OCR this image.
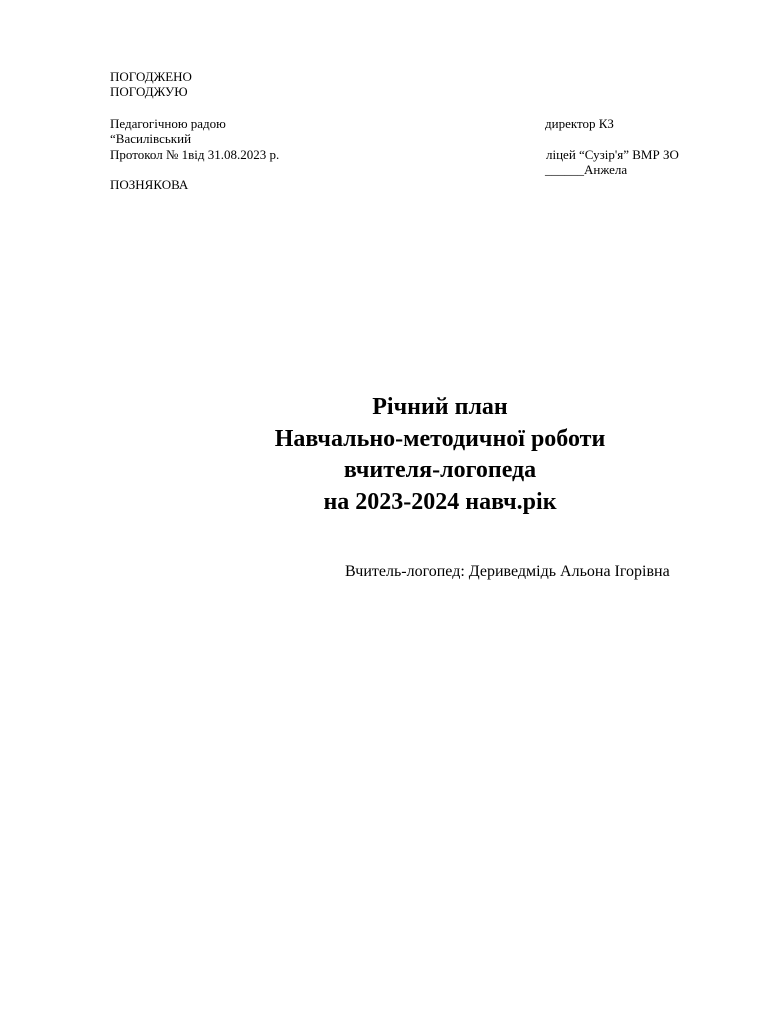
ПОГОДЖЕНО
ПОГОДЖУЮ
Педагогічною радою
“Василівський
Протокол № 1від 31.08.2023 р.
ПОЗНЯКОВА
директор КЗ
ліцей “Сузір'я” ВМР ЗО
______Анжела
Річний план
Навчально-методичної роботи
вчителя-логопеда
на 2023-2024 навч.рік
Вчитель-логопед: Дериведмідь Альона Ігорівна
